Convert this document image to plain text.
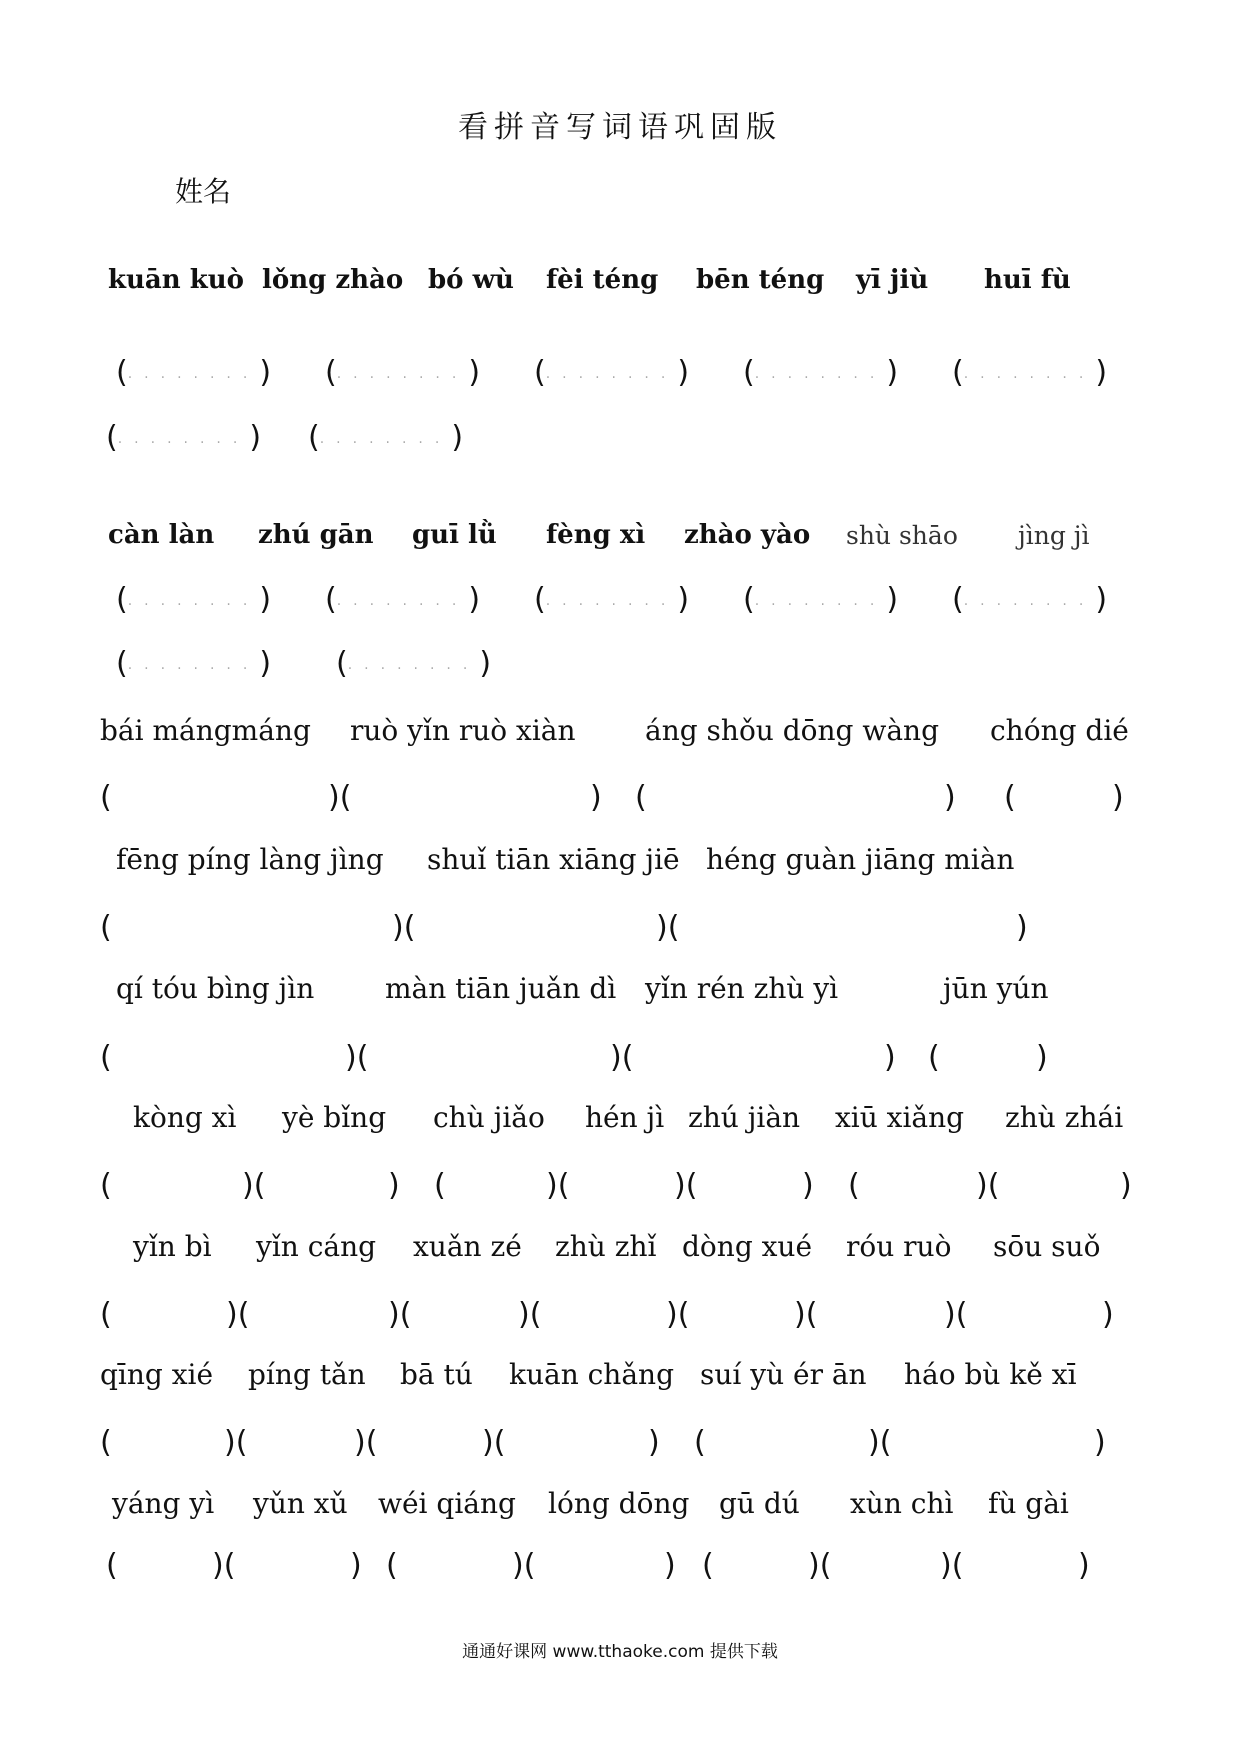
看拼音写词语巩固版
姓名
kuān kuò lǒng zhào bó wù fèi téng bēn téng yī jiù huī fù
(........) (........) (........) (........) (........)
(........) (........)
càn làn zhú gān guī lǜ fèng xì zhào yào shù shāo jìng jì
(........) (........) (........) (........) (........)
(........) (........)
bái mángmáng ruò yǐn ruò xiàn áng shǒu dōng wàng chóng dié
(	)(	) (	) (	)
fēng píng làng jìng shuǐ tiān xiāng jiē héng guàn jiāng miàn
(	)(	)(	)
qí tóu bìng jìn	màn tiān juǎn dì yǐn rén zhù yì	jūn yún
(	)(	)(	) (	)
kòng xì yè bǐng chù jiǎo hén jì zhú jiàn xiū xiǎng zhù zhái
(	)(	) (	)(	)(	) (	)(	)
yǐn bì yǐn cáng xuǎn zé zhù zhǐ dòng xué róu ruò sōu suǒ
(	)(	)(	)(	)(	)(	)(	)
qīng xié píng tǎn bā tú kuān chǎng suí yù ér ān háo bù kě xī
(	)(	)(	)(	) (	)(	)
yáng yì yǔn xǔ wéi qiáng lóng dōng gū dú xùn chì fù gài
(	)(	) (	)(	) (	)(	)(	)
通通好课网 www.tthaoke.com 提供下载
